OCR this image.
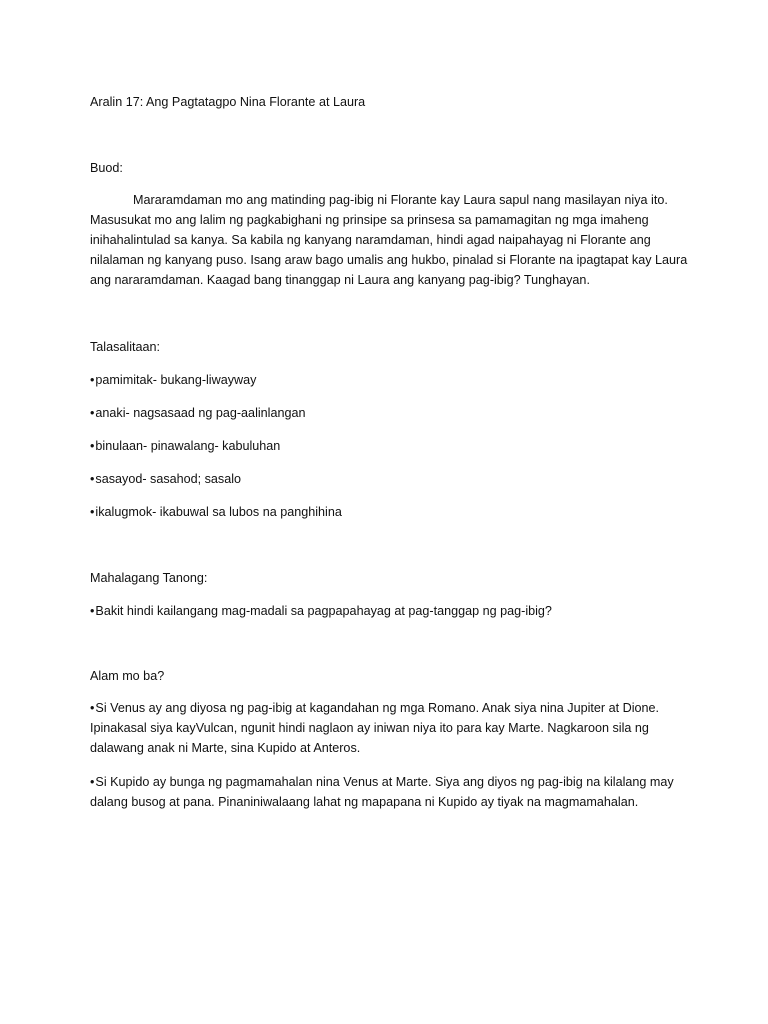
Aralin 17: Ang Pagtatagpo Nina Florante at Laura

Buod:

Mararamdaman mo ang matinding pag-ibig ni Florante kay Laura sapul nang masilayan niya ito. Masusukat mo ang lalim ng pagkabighani ng prinsipe sa prinsesa sa pamamagitan ng mga imaheng inihahalintulad sa kanya. Sa kabila ng kanyang naramdaman, hindi agad naipahayag ni Florante ang nilalaman ng kanyang puso. Isang araw bago umalis ang hukbo, pinalad si Florante na ipagtapat kay Laura ang nararamdaman. Kaagad bang tinanggap ni Laura ang kanyang pag-ibig? Tunghayan.

Talasalitaan:

•pamimitak- bukang-liwayway
•anaki- nagsasaad ng pag-aalinlangan
•binulaan- pinawalang- kabuluhan
•sasayod- sasahod; sasalo
•ikalugmok- ikabuwal sa lubos na panghihina

Mahalagang Tanong:

•Bakit hindi kailangang mag-madali sa pagpapahayag at pag-tanggap ng pag-ibig?

Alam mo ba?

•Si Venus ay ang diyosa ng pag-ibig at kagandahan ng mga Romano. Anak siya nina Jupiter at Dione. Ipinakasal siya kayVulcan, ngunit hindi naglaon ay iniwan niya ito para kay Marte. Nagkaroon sila ng dalawang anak ni Marte, sina Kupido at Anteros.

•Si Kupido ay bunga ng pagmamahalan nina Venus at Marte. Siya ang diyos ng pag-ibig na kilalang may dalang busog at pana. Pinaniniwalaang lahat ng mapapana ni Kupido ay tiyak na magmamahalan.
